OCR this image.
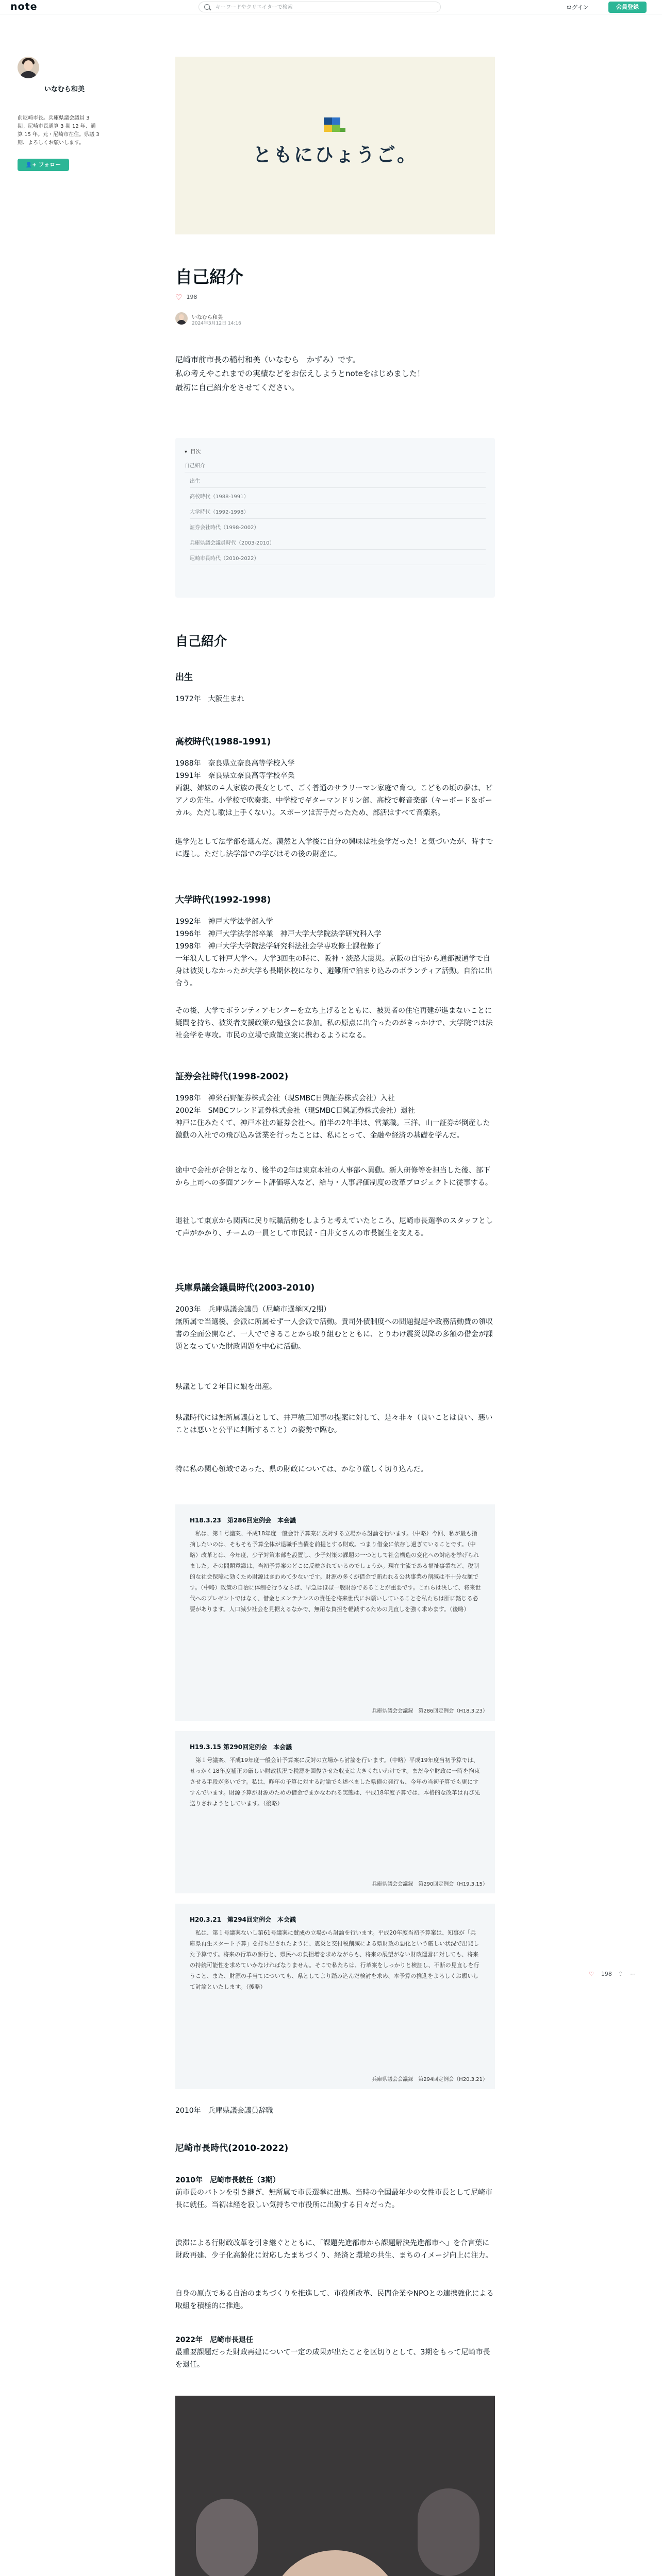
note
キーワードやクリエイターで検索	ログイン	会員登録
いなむら和美
前尼崎市長。兵庫県議会議員 3 期。尼崎市長通算 3 期 12 年、通算 15 年。元・尼崎市在住。県議 3 期、よろしくお願いします。
👤+ フォロー	ともにひょうご。
自己紹介
♡ 198
いなむら和美
2024年3月12日 14:16

尼崎市前市長の稲村和美（いなむら　かずみ）です。

私の考えやこれまでの実績などをお伝えしようとnoteをはじめました！

最初に自己紹介をさせてください。

▾  目次
自己紹介
出生
高校時代（1988-1991）
大学時代（1992-1998）
証券会社時代（1998-2002）
兵庫県議会議員時代（2003-2010）
尼崎市長時代（2010-2022）
自己紹介
出生
1972年　大阪生まれ
高校時代(1988-1991)
1988年　奈良県立奈良高等学校入学
1991年　奈良県立奈良高等学校卒業
両親、姉妹の４人家族の長女として、ごく普通のサラリーマン家庭で育つ。こどもの頃の夢は、ピアノの先生。小学校で吹奏楽、中学校でギターマンドリン部、高校で軽音楽部（キーボード＆ボーカル。ただし歌は上手くない）。スポーツは苦手だったため、部活はすべて音楽系。
進学先として法学部を選んだ。漠然と入学後に自分の興味は社会学だった！と気づいたが、時すでに遅し。ただし法学部での学びはその後の財産に。
大学時代(1992-1998)
1992年　神戸大学法学部入学
1996年　神戸大学法学部卒業　神戸大学大学院法学研究科入学
1998年　神戸大学大学院法学研究科法社会学専攻修士課程修了
一年浪人して神戸大学へ。大学3回生の時に、阪神・淡路大震災。京阪の自宅から通部被通学で自身は被災しなかったが大学も長期休校になり、避難所で泊まり込みのボランティア活動。自治に出合う。
その後、大学でボランティアセンターを立ち上げるとともに、被災者の住宅再建が進まないことに疑問を持ち、被災者支援政策の勉強会に参加。私の原点に出合ったのがきっかけで、大学院では法社会学を専攻。市民の立場で政策立案に携わるようになる。
証券会社時代(1998-2002)
1998年　神栄石野証券株式会社（現SMBC日興証券株式会社）入社
2002年　SMBCフレンド証券株式会社（現SMBC日興証券株式会社）退社
神戸に住みたくて、神戸本社の証券会社へ。前半の2年半は、営業職。三洋、山一証券が倒産した激動の入社での飛び込み営業を行ったことは、私にとって、金融や経済の基礎を学んだ。
途中で会社が合併となり、後半の2年は東京本社の人事部へ異動。新人研修等を担当した後、部下から上司への多面アンケート評価導入など、給与・人事評価制度の改革プロジェクトに従事する。
退社して東京から関西に戻り転職活動をしようと考えていたところ、尼崎市長選挙のスタッフとして声がかかり、チームの一員として市民派・白井文さんの市長誕生を支える。
兵庫県議会議員時代(2003-2010)
2003年　兵庫県議会議員（尼崎市選挙区/2期）
無所属で当選後、会派に所属せず一人会派で活動。貴司外債制度への問題提起や政務活動費の領収書の全面公開など、一人でできることから取り組むとともに、とりわけ震災以降の多額の借金が課題となっていた財政問題を中心に活動。
県議として２年目に娘を出産。
県議時代には無所属議員として、井戸敏三知事の提案に対して、是々非々（良いことは良い、悪いことは悪いと公平に判断すること）の姿勢で臨む。
特に私の関心領域であった、県の財政については、かなり厳しく切り込んだ。
H18.3.23　第286回定例会　本会議
　私は、第１号議案、平成18年度一般会計予算案に反対する立場から討論を行います。（中略）今回、私が最も指摘したいのは、そもそも予算全体が退職手当債を前提とする財政。つまり借金に依存し過ぎていることです。（中略）改革とは、今年度、少子対策本部を設置し、少子対策の課題の一つとして社会構造の変化への対応を挙げられました。その問題意識は、当初予算案のどこに反映されているのでしょうか。現在主流である福祉事業など、税制的な社会保障に効くため財源はきわめて少ないです。財源の多くが借金で賄われる公共事業の削減は不十分な額です。（中略）政策の自治に体制を行うならば、早急はほぼ一般財源であることが重要です。これらは決して、将来世代へのプレゼントではなく、借金とメンテナンスの責任を将来世代にお願いしていることを私たちは肝に銘じる必要があります。人口減少社会を見据えるなかで、無用な負担を軽減するための見直しを強く求めます。（後略）
兵庫県議会会議録　第286回定例会（H18.3.23）
H19.3.15 第290回定例会　本会議
　第１号議案、平成19年度一般会計予算案に反対の立場から討論を行います。（中略）平成19年度当初予算では、せっかく18年度補正の厳しい財政状況で税源を回復させた収支は大きくないわけです。まだ今や財政に一時を拘束させる手段が多いです。私は、昨年の予算に対する討論でも述べました県債の発行も、今年の当初予算でも更にすすんでいます。財源予算が財源のための借金でまかなわれる実態は、平成18年度予算では、本格的な改革は再び先送りされようとしています。（後略）
兵庫県議会会議録　第290回定例会（H19.3.15）
H20.3.21　第294回定例会　本会議
　私は、第１号議案ないし第61号議案に賛成の立場から討論を行います。平成20年度当初予算案は、知事が「兵庫県再生スタート予算」を打ち出されたように、震災と交付税削減による県財政の悪化という厳しい状況で出発した予算です。将来の行革の断行と、県民への負担増を求めながらも、将来の展望がない財政運営に対しても、将来の持続可能性を求めていかなければなりません。そこで私たちは、行革案をしっかりと検証し、不断の見直しを行うこと、また、財源の手当てについても、県としてより踏み込んだ検討を求め、本予算の推進をよろしくお願いして討論といたします。（後略）
兵庫県議会会議録　第294回定例会（H20.3.21）
2010年　兵庫県議会議員辞職
尼崎市長時代(2010-2022)
2010年　尼崎市長就任（3期）
前市長のバトンを引き継ぎ、無所属で市長選挙に出馬。当時の全国最年少の女性市長として尼崎市長に就任。当初は経を寂しい気持ちで市役所に出勤する日々だった。
渋滞による行財政改革を引き継ぐとともに、「課題先進都市から課題解決先進都市へ」を合言葉に財政再建、少子化高齢化に対応したまちづくり、経済と環境の共生、まちのイメージ向上に注力。
自身の原点である自治のまちづくりを推進して、市役所改革、民間企業やNPOとの連携強化による取組を積極的に推進。
2022年　尼崎市長退任
最重要課題だった財政再建について一定の成果が出たことを区切りとして、3期をもって尼崎市長を退任。
♡ 198 ⇪ ⋯
